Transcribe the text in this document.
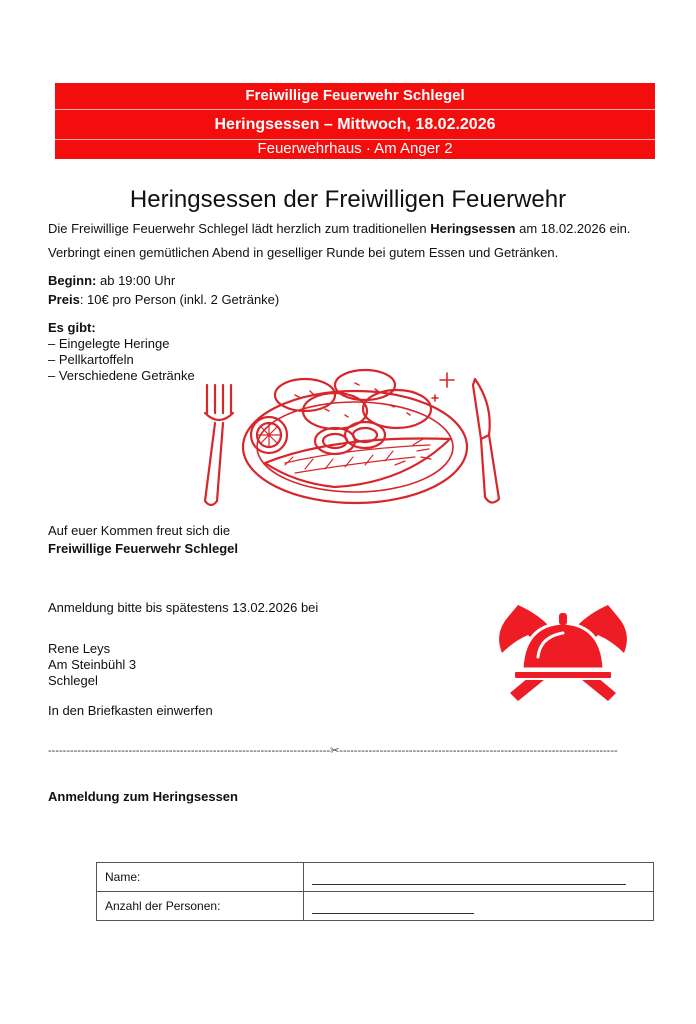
Freiwillige Feuerwehr Schlegel
Heringsessen – Mittwoch, 18.02.2026
Feuerwehrhaus · Am Anger 2
Heringsessen der Freiwilligen Feuerwehr
Die Freiwillige Feuerwehr Schlegel lädt herzlich zum traditionellen Heringsessen am 18.02.2026 ein.
Verbringt einen gemütlichen Abend in geselliger Runde bei gutem Essen und Getränken.
Beginn: ab 19:00 Uhr
Preis: 10€ pro Person (inkl. 2 Getränke)
Es gibt:
– Eingelegte Heringe
– Pellkartoffeln
– Verschiedene Getränke
Auf euer Kommen freut sich die
Freiwillige Feuerwehr Schlegel
Anmeldung bitte bis spätestens 13.02.2026 bei
Rene Leys
Am Steinbühl 3
Schlegel
In den Briefkasten einwerfen
-----------------------------------------------------------------------------✂----------------------------------------------------------------------------
Anmeldung zum Heringsessen
Name:	
Anzahl der Personen:	
